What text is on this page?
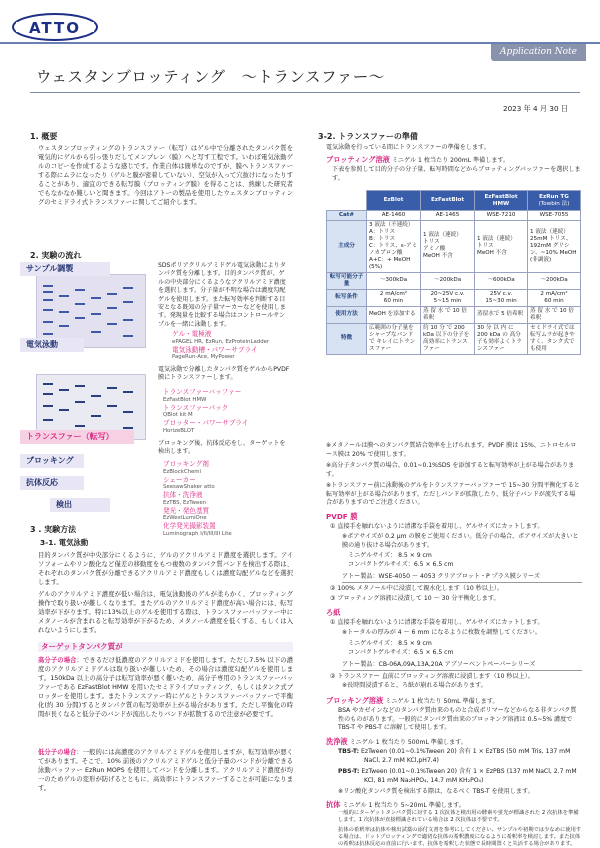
ATTO
Application Note
ウェスタンブロッティング　～トランスファー～
2023 年 4 月 30 日
1. 概要
ウェスタンブロッティングのトランスファー（転写）はゲル中で分離されたタンパク質を電気的にゲルから引っ張りだしてメンブレン（膜）へと写す工程です。いわば電気泳動ゲルのコピーを作成するような感じです。作業自体は簡単なのですが、膜へトランスファーする際にムラになったり（ゲルと膜が密着していない）、空気が入って穴抜けになったりすることがあり、適宜のできる転写膜（ブロッティング膜）を得ることは、熟練した研究者でもなかなか難しいと聞きます。今回はアトーの製品を使用したウェスタンブロッティングのセミドライ式トランスファーに関してご紹介します。
2. 実験の流れ
サンプル調製
電気泳動
トランスファー（転写）
ブロッキング
抗体反応
検出
SDSポリアクリルアミドゲル電気泳動によりタンパク質を分離します。目的タンパク質が、ゲルの中央部分にくるようなアクリルアミド濃度を選択します。分子量が不明な場合は濃度勾配ゲルを使用します。また転写効率を判断する目安となる既知の分子量マーカーなどを使用します。発現量を比較する場合はコントロールサンプルを一緒に泳動します。
ゲル・電極液
ePAGEL HR, EzRun, EzProteinLadder
電気泳動槽・パワーサプライ
PageRun-Ace, MyPower
電気泳動で分離したタンパク質をゲルからPVDF膜にトランスファーします。
トランスファーバッファー
EzFastBlot HMW
トランスファーパック
QBlot kit M
ブロッター・パワーサプライ
HorizeBLOT
ブロッキング後、抗体反応をし、ターゲットを検出します。
ブロッキング剤
EzBlockChemi
シェーカー
SeesawShaker atto
抗体・洗浄液
EzTBS, EzTween
発光・発色基質
EzWestLumiOne
化学発光撮影装置
Luminograph I/II/III/III Lite
3 . 実験方法
3-1. 電気泳動
目的タンパク質が中央部分にくるように、ゲルのアクリルアミド濃度を選択します。アイソフォームやリン酸化など僅差の移動度をもつ複数のタンパク質バンドを検出する際は、それぞれのタンパク質が分離できるアクリルアミド濃度もしくは濃度勾配ゲルなどを選択します。
ゲルのアクリルアミド濃度が低い場合は、電気泳動後のゲルが柔らかく、ブロッティング操作で取り扱いが難しくなります。またゲルのアクリルアミド濃度が高い場合には、転写効率が下がります。特に13%以上のゲルを使用する際は、トランスファーバッファー中にメタノールが含まれると転写効率が下がるため、メタノール濃度を低くする、もしくは入れないようにします。
ターゲットタンパク質が
高分子の場合：できるだけ低濃度のアクリルアミドを使用します。ただし7.5% 以下の濃度のアクリルアミドゲルは取り扱いが難しいため、その場合は濃度勾配ゲルを使用します。150kDa 以上の高分子は転写効率が悪く難いため、高分子専用のトランスファーバッファーである EzFastBlot HMW を用いたセミドライブロッティング、もしくはタンク式ブロッターを使用します。またトランスファー時にゲルとトランスファーバッファーで平衡化(約 30 分間)するとタンパク質の転写効率が上がる場合があります。ただし平衡化の時間が長くなると低分子のバンドが流出したりバンドが拡散するので注意が必要です。
低分子の場合：一般的には高濃度のアクリルアミドゲルを使用しますが、転写効率が悪くてがあります。そこで、10% 前後のアクリルアミドゲルと低分子量のバンドが分離できる泳動バッファー EzRun MOPS を使用してバンドを分離します。アクリルアミド濃度が均一のためゲルの変形が防げるとともに、高効率にトランスファーすることが可能になります。
3-2. トランスファーの準備
電気泳動を行っている間にトランスファーの準備をします。
ブロッティング溶液 ミニゲル 1 枚当たり 200mL 準備します。
下表を参照して目的分子の分子量、転写時間などからブロッティングバッファーを選択します。
	EzBlot	EzFastBlot	EzFastBlot HMW	EzRun TG
(Towbin 法)
Cat#	AE-1460	AE-1465	WSE-7210	WSE-7055
主成分	3 液法（不連続）
A：トリス
B：トリス
C：トリス、ε-アミノカプロン酸
A+C：+ MeOH (5%)	1 液法（連続）
トリス
アミノ酸
MeOH 不含	1 液法（連続）
トリス
MeOH 不含	1 液法（連続）
25mM トリス、192mM グリシン、~10% MeOH (非調液)
転写可能分子量	～300kDa	～200kDa	～600kDa	～200kDa
転写条件	2 mA/cm²
60 min	20~25V c.v.
5~15 min	25V c.v.
15~30 min	2 mA/cm²
60 min
使用方法	MeOH を添加する	蒸 留 水 で 10 倍希釈	蒸留水で 5 倍希釈	蒸 留 水 で 10 倍希釈
特徴	広範囲の分子量を シャープなバンドで キレイにトランスファー	約 10 分 で 200 kDa 以下の分子を高効率にトランスファー	30 分 以 内 に 200 kDa の 高分子も効率よくトランスファー	セミドライ式では 転写ムラが起きやすく、タンク式でも使用
※メタノールは膜へのタンパク質結合効率を上げられます。PVDF 膜は 15%、ニトロセルロース膜は 20% で使用します。
※高分子タンパク質の場合、0.01~0.1%SDS を添加すると転写効率が上がる場合があります。
※トランスファー前に泳動後のゲルをトランスファーバッファーで 15~30 分間平衡化すると転写効率が上がる場合があります。ただしバンドが拡散したり、低分子バンドが流失する場合がありますのでご注意ください。
PVDF 膜
① 直接手を触れないように清潔な手袋を着用し、ゲルサイズにカットします。
※ポアサイズが 0.2 µm の膜をご使用ください。低分子の場合、ポアサイズが大きいと膜の通り抜ける場合があります。
ミニゲルサイズ： 8.5 × 9 cm
コンパクトゲルサイズ：6.5 × 6.5 cm
アトー製品：WSE-4050 ～ 4053 クリアブロット・P プラス膜シリーズ
② 100% メタノール中に浸漬して親水化します（10 秒以上）。
③ ブロッティング溶液に浸漬して 10 ～ 30 分平衡化します。
ろ紙
① 直接手を触れないように清潔な手袋を着用し、ゲルサイズにカットします。
※トータルの厚みが 4 ～ 6 mm になるように枚数を調整してください。
ミニゲルサイズ： 8.5 × 9 cm
コンパクトゲルサイズ：6.5 × 6.5 cm
アトー製品：CB-06A,09A,13A,20A アブソーベントペーパーシリーズ
② トランスファー 直前にブロッティング溶液に浸漬します（10 秒以上）。
※長時間浸漬すると、ろ紙が崩れる場合があります。
ブロッキング溶液 ミニゲル 1 枚当たり 50mL 準備します。
BSA やカゼインなどのタンパク質由来のものと合成ポリマーなどからなる非タンパク質性のものがあります。一般的にタンパク質由来のブロッキング溶液は 0.5~5% 濃度で TBS-T や PBS-T に溶解して使用します。
洗浄液 ミニゲル 1 枚当たり 500mL 準備します。
TBS-T: EzTween (0.01~0.1%Tween 20) 含有 1 × EzTBS (50 mM Tris, 137 mM NaCl, 2.7 mM KCl,pH7.4)
PBS-T: EzTween (0.01~0.1%Tween 20) 含有 1 × EzPBS (137 mM NaCl, 2.7 mM KCl, 81 mM Na₂HPO₄, 14.7 mM KH₂PO₄)
※リン酸化タンパク質を検出する際は、なるべく TBS-T を使用します。
抗体 ミニゲル 1 枚当たり 5~20mL 準備します。
一般的にターゲットタンパク質に対する 1 次抗体と検出用の酵素や蛍光が標識された 2 次抗体を準備します。1 次抗体が直接標識されている場合は 2 次抗体は不要です。
抗体の希釈率は抗体や検出試薬の添付文書を参考にしてください。サンプルや初期では少なめに使用する場合は、ドットブロッティングで適切な抗体の希釈濃度になるように希釈率を検討します。また抗体の希釈は抗体反応の直前に行います。抗体を希釈した状態で長時間置くと失活する場合があります。
